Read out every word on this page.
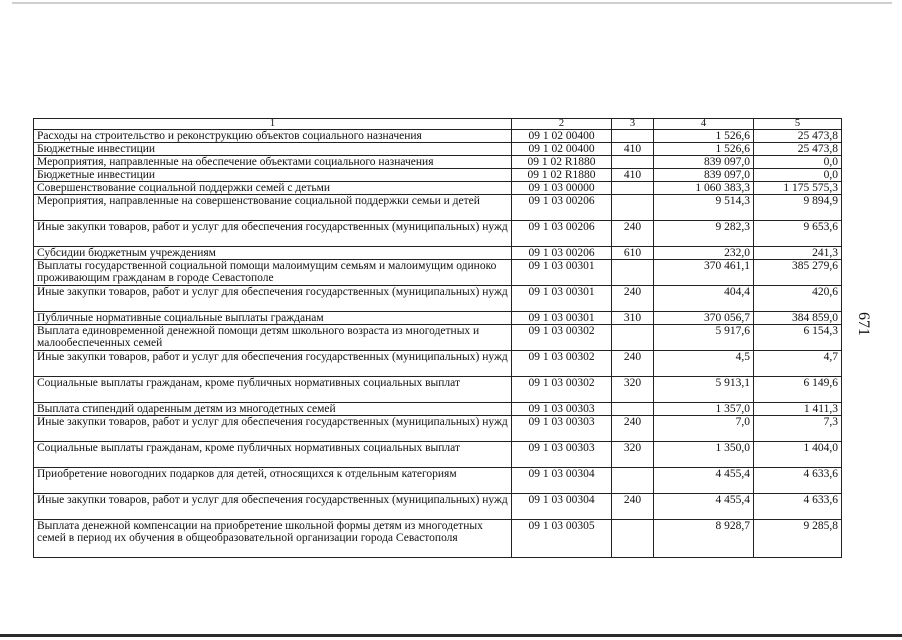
1	2	3	4	5
Расходы на строительство и реконструкцию объектов социального назначения	09 1 02 00400		1 526,6	25 473,8
Бюджетные инвестиции	09 1 02 00400	410	1 526,6	25 473,8
Мероприятия, направленные на обеспечение объектами социального назначения	09 1 02 R1880		839 097,0	0,0
Бюджетные инвестиции	09 1 02 R1880	410	839 097,0	0,0
Совершенствование социальной поддержки семей с детьми	09 1 03 00000		1 060 383,3	1 175 575,3
Мероприятия, направленные на совершенствование социальной поддержки семьи и детей	09 1 03 00206		9 514,3	9 894,9
Иные закупки товаров, работ и услуг для обеспечения государственных (муниципальных) нужд	09 1 03 00206	240	9 282,3	9 653,6
Субсидии бюджетным учреждениям	09 1 03 00206	610	232,0	241,3
Выплаты государственной социальной помощи малоимущим семьям и малоимущим одиноко проживающим гражданам в городе Севастополе	09 1 03 00301		370 461,1	385 279,6
Иные закупки товаров, работ и услуг для обеспечения государственных (муниципальных) нужд	09 1 03 00301	240	404,4	420,6
Публичные нормативные социальные выплаты гражданам	09 1 03 00301	310	370 056,7	384 859,0
Выплата единовременной денежной помощи детям школьного возраста из многодетных и малообеспеченных семей	09 1 03 00302		5 917,6	6 154,3
Иные закупки товаров, работ и услуг для обеспечения государственных (муниципальных) нужд	09 1 03 00302	240	4,5	4,7
Социальные выплаты гражданам, кроме публичных нормативных социальных выплат	09 1 03 00302	320	5 913,1	6 149,6
Выплата стипендий одаренным детям из многодетных семей	09 1 03 00303		1 357,0	1 411,3
Иные закупки товаров, работ и услуг для обеспечения государственных (муниципальных) нужд	09 1 03 00303	240	7,0	7,3
Социальные выплаты гражданам, кроме публичных нормативных социальных выплат	09 1 03 00303	320	1 350,0	1 404,0
Приобретение новогодних подарков для детей, относящихся к отдельным категориям	09 1 03 00304		4 455,4	4 633,6
Иные закупки товаров, работ и услуг для обеспечения государственных (муниципальных) нужд	09 1 03 00304	240	4 455,4	4 633,6
Выплата денежной компенсации на приобретение школьной формы детям из многодетных семей в период их обучения в общеобразовательной организации города Севастополя	09 1 03 00305		8 928,7	9 285,8
671
